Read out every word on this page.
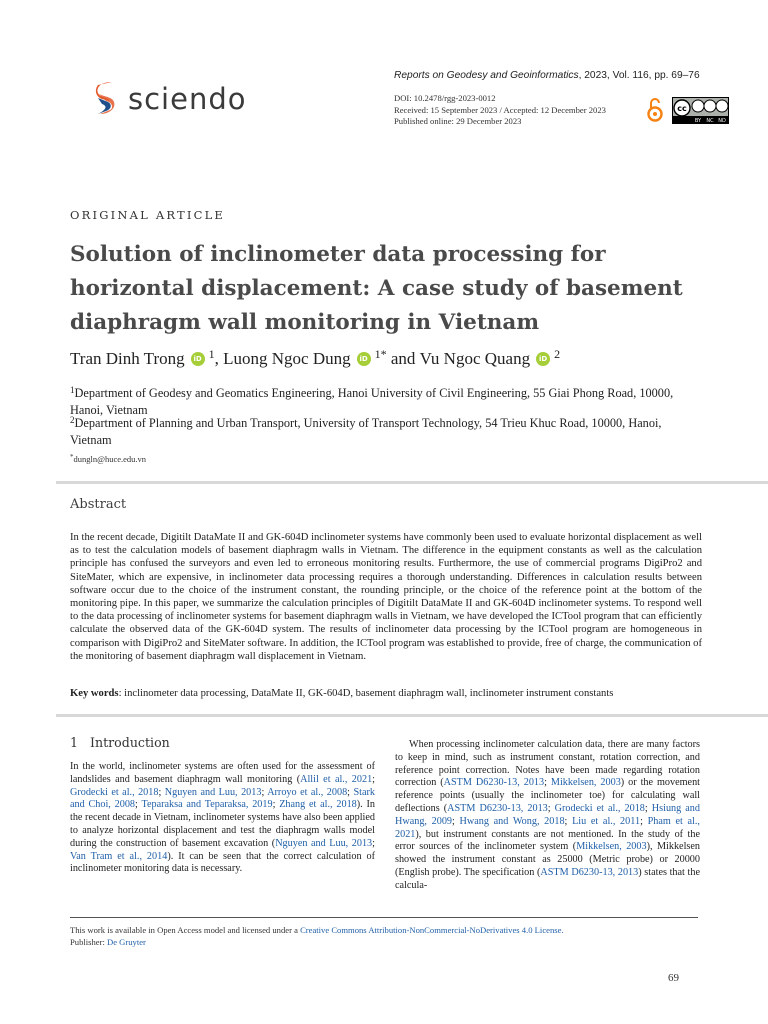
sciendo
Reports on Geodesy and Geoinformatics, 2023, Vol. 116, pp. 69–76
DOI: 10.2478/rgg-2023-0012
Received: 15 September 2023 / Accepted: 12 December 2023
Published online: 29 December 2023
cc
BY NC ND
ORIGINAL ARTICLE
Solution of inclinometer data processing for horizontal displacement: A case study of basement diaphragm wall monitoring in Vietnam
Tran Dinh Trong	iD 1 , Luong Ngoc Dung	iD 1* and Vu Ngoc Quang	iD 2
$^1$Department of Geodesy and Geomatics Engineering, Hanoi University of Civil Engineering, 55 Giai Phong Road, 10000, Hanoi, Vietnam
$^2$Department of Planning and Urban Transport, University of Transport Technology, 54 Trieu Khuc Road, 10000, Hanoi, Vietnam
*dungln@huce.edu.vn
Abstract

In the recent decade, Digitilt DataMate II and GK-604D inclinometer systems have commonly been used to evaluate horizontal displacement as well as to test the calculation models of basement diaphragm walls in Vietnam. The difference in the equipment constants as well as the calculation principle has confused the surveyors and even led to erroneous monitoring results. Furthermore, the use of commercial programs DigiPro2 and SiteMater, which are expensive, in inclinometer data processing requires a thorough understanding. Differences in calculation results between software occur due to the choice of the instrument constant, the rounding principle, or the choice of the reference point at the bottom of the monitoring pipe. In this paper, we summarize the calculation principles of Digitilt DataMate II and GK-604D inclinometer systems. To respond well to the data processing of inclinometer systems for basement diaphragm walls in Vietnam, we have developed the ICTool program that can efficiently calculate the observed data of the GK-604D system. The results of inclinometer data processing by the ICTool program are homogeneous in comparison with DigiPro2 and SiteMater software. In addition, the ICTool program was established to provide, free of charge, the communication of the monitoring of basement diaphragm wall displacement in Vietnam.

Key words: inclinometer data processing, DataMate II, GK-604D, basement diaphragm wall, inclinometer instrument constants
1 Introduction

In the world, inclinometer systems are often used for the assessment of landslides and basement diaphragm wall monitoring (Allil et al., 2021; Grodecki et al., 2018; Nguyen and Luu, 2013; Arroyo et al., 2008; Stark and Choi, 2008; Teparaksa and Teparaksa, 2019; Zhang et al., 2018). In the recent decade in Vietnam, inclinometer systems have also been applied to analyze horizontal displacement and test the diaphragm walls model during the construction of basement excavation (Nguyen and Luu, 2013; Van Tram et al., 2014). It can be seen that the correct calculation of inclinometer monitoring data is necessary.

When processing inclinometer calculation data, there are many factors to keep in mind, such as instrument constant, rotation correction, and reference point correction. Notes have been made regarding rotation correction (ASTM D6230-13, 2013; Mikkelsen, 2003) or the movement reference points (usually the inclinometer toe) for calculating wall deflections (ASTM D6230-13, 2013; Grodecki et al., 2018; Hsiung and Hwang, 2009; Hwang and Wong, 2018; Liu et al., 2011; Pham et al., 2021), but instrument constants are not mentioned. In the study of the error sources of the inclinometer system (Mikkelsen, 2003), Mikkelsen showed the instrument constant as 25000 (Metric probe) or 20000 (English probe). The specification (ASTM D6230-13, 2013) states that the calcula-

This work is available in Open Access model and licensed under a Creative Commons Attribution-NonCommercial-NoDerivatives 4.0 License.
Publisher: De Gruyter
69
